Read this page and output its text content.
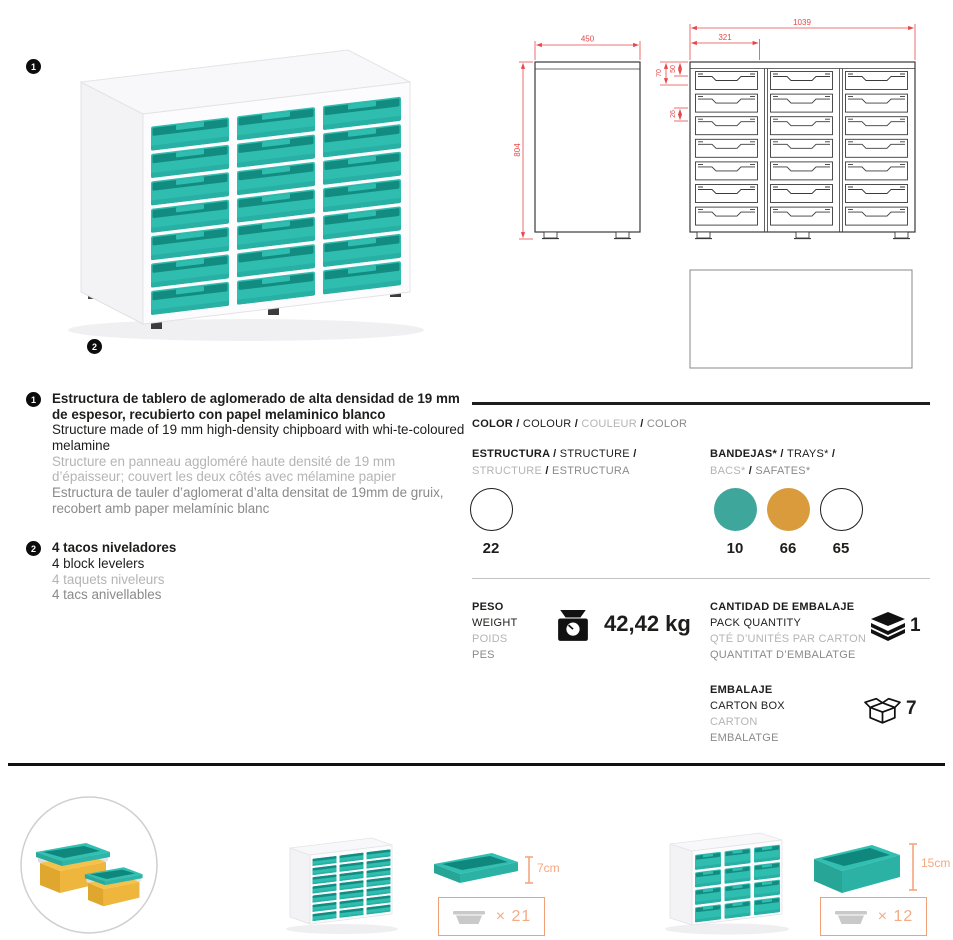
1
2
450
804
1039
321
50
70
26
1 Estructura de tablero de aglomerado de alta densidad de 19 mm de espesor, recubierto con papel melaminico blanco
Structure made of 19 mm high-density chipboard with whi-te-coloured melamine
Structure en panneau aggloméré haute densité de 19 mm d’épaisseur; couvert les deux côtés avec mélamine papier
Estructura de tauler d’aglomerat d’alta densitat de 19mm de gruix, recobert amb paper melamínic blanc
2 4 tacos niveladores
4 block levelers
4 taquets niveleurs
4 tacs anivellables
COLOR / COLOUR / COULEUR / COLOR
ESTRUCTURA / STRUCTURE /
STRUCTURE / ESTRUCTURA
22
BANDEJAS* / TRAYS* /
BACS* / SAFATES*
10 66 65
PESO
WEIGHT
POIDS
PES
42,42 kg
CANTIDAD DE EMBALAJE
PACK QUANTITY
QTÉ D’UNITÉS PAR CARTON
QUANTITAT D’EMBALATGE
1
EMBALAJE
CARTON BOX
CARTON
EMBALATGE
7
7cm
× 21
15cm
× 12
